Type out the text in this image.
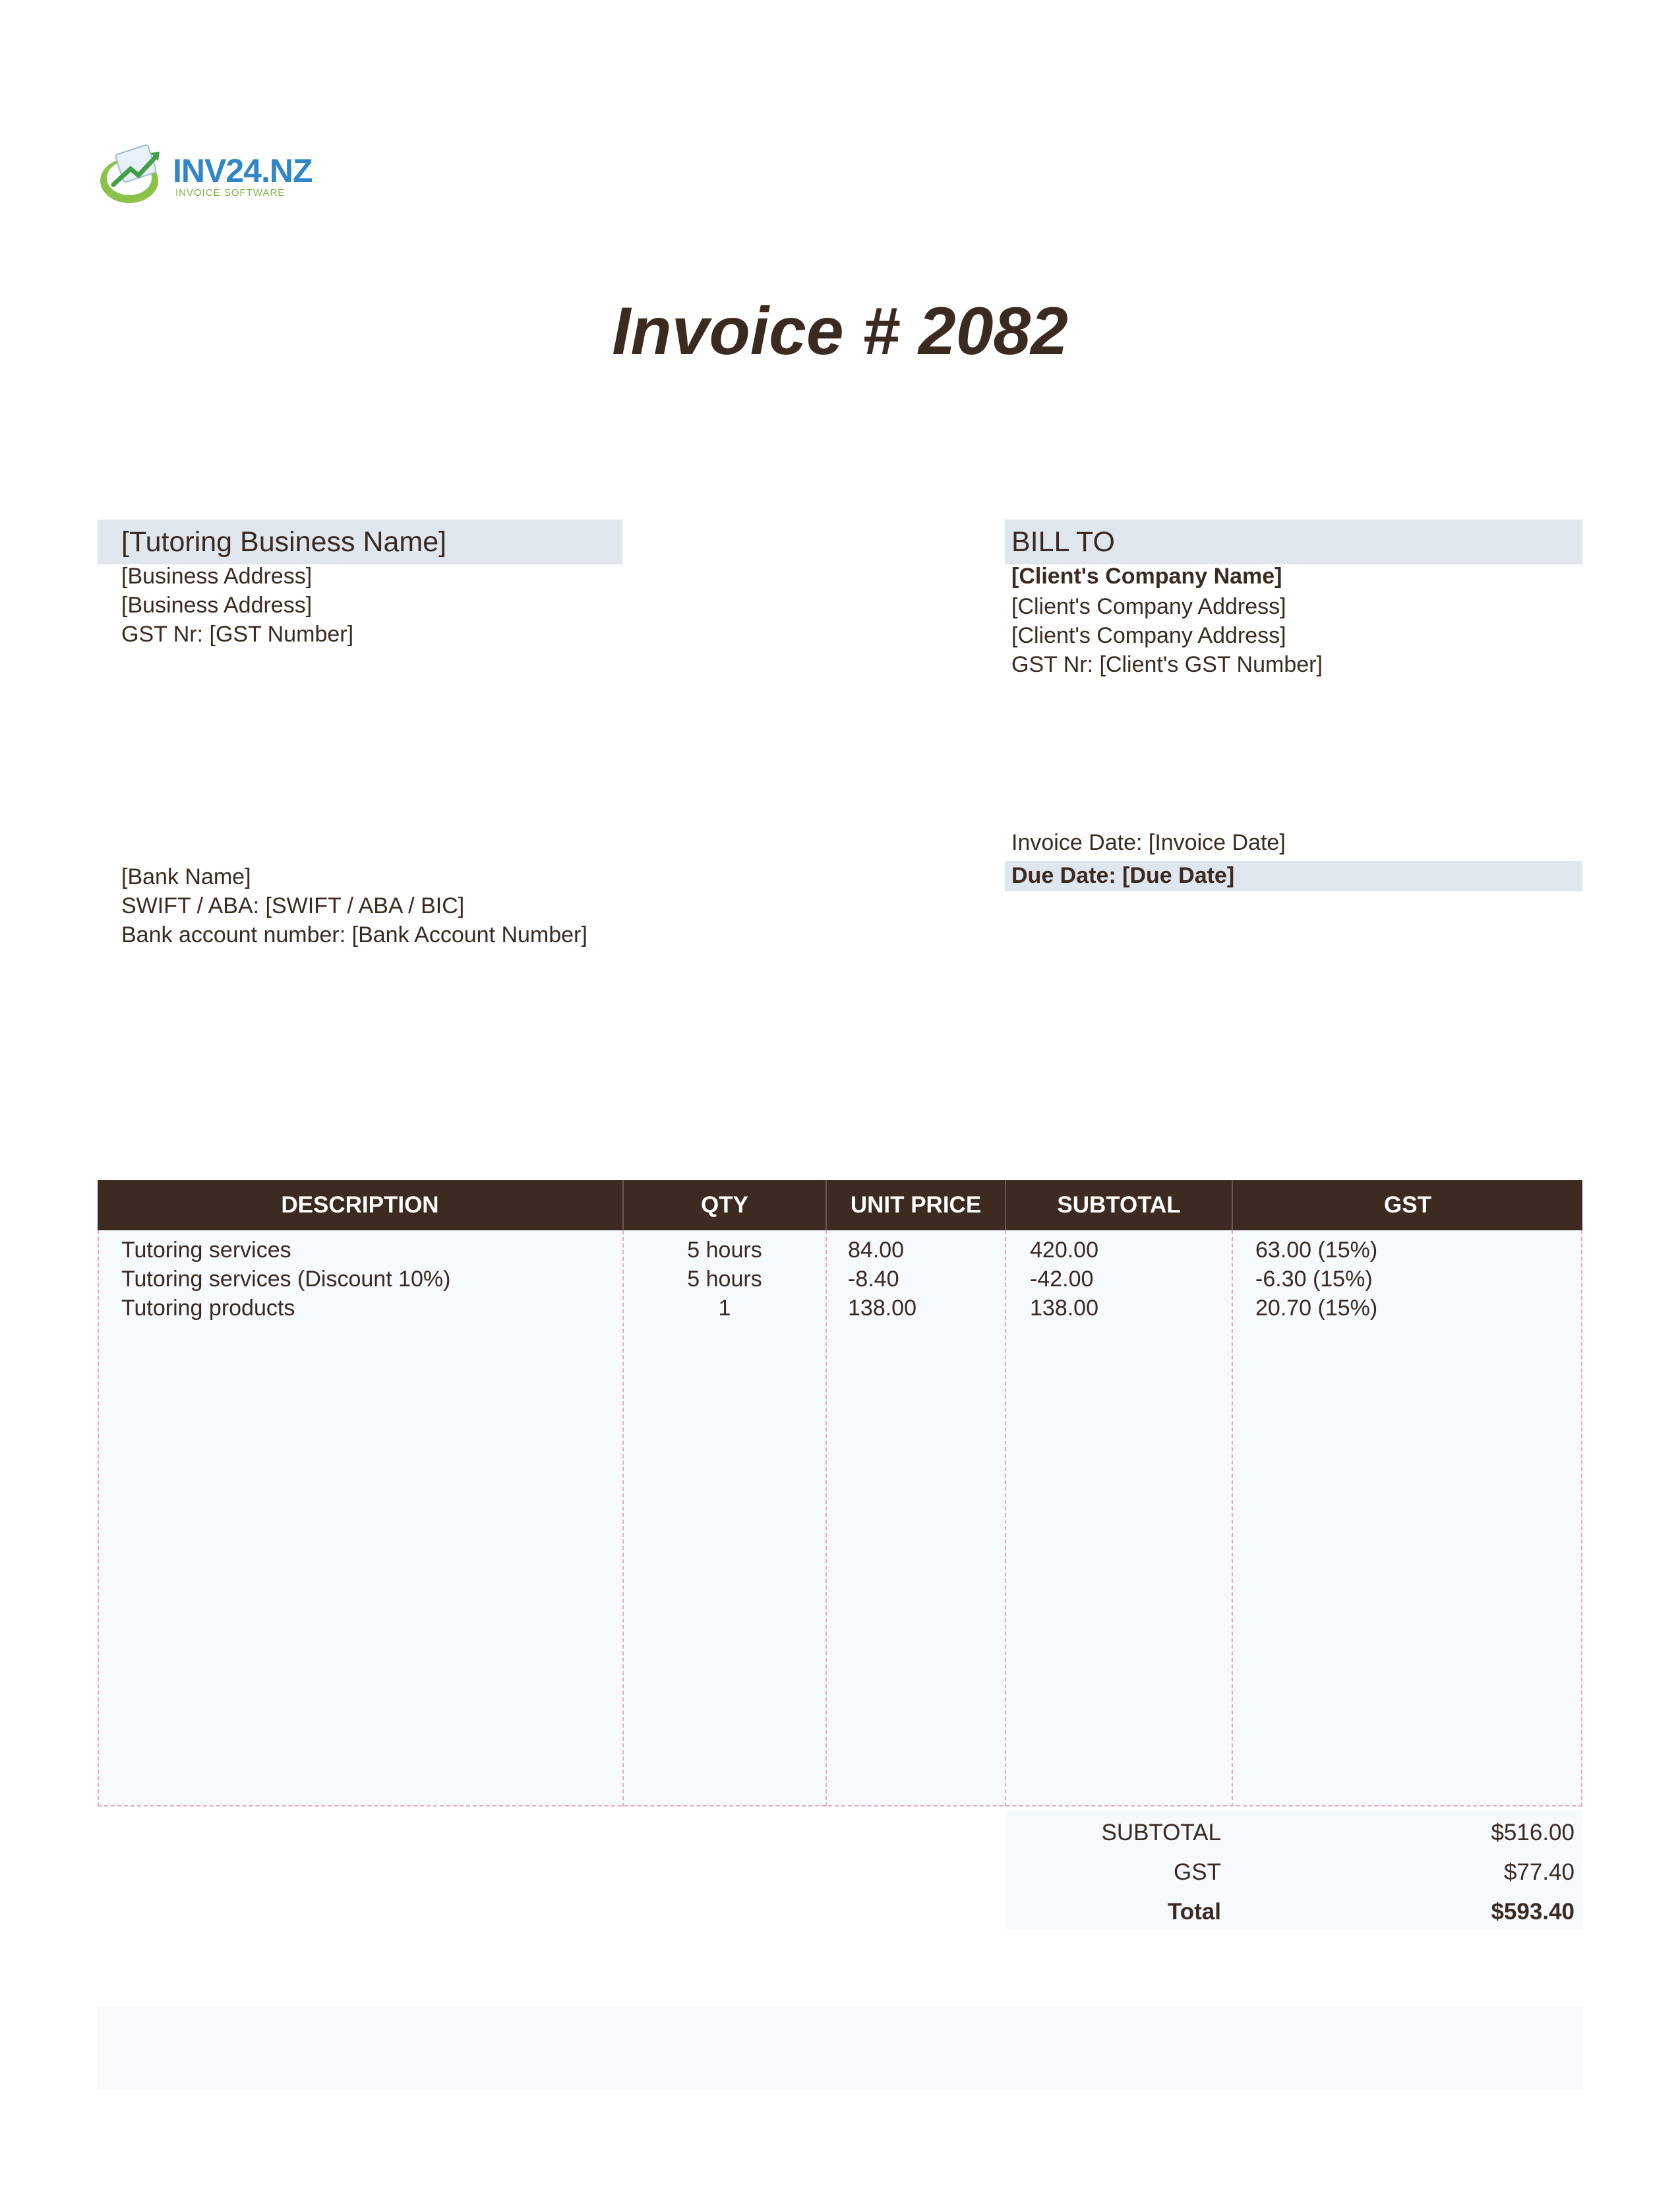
INV24.NZ
INVOICE SOFTWARE
Invoice # 2082
[Tutoring Business Name]
[Business Address]
[Business Address]
GST Nr: [GST Number]
BILL TO
[Client's Company Name]
[Client's Company Address]
[Client's Company Address]
GST Nr: [Client's GST Number]
Invoice Date: [Invoice Date]
Due Date: [Due Date]
[Bank Name]
SWIFT / ABA: [SWIFT / ABA / BIC]
Bank account number: [Bank Account Number]
DESCRIPTION	QTY	UNIT PRICE	SUBTOTAL	GST
Tutoring services	5 hours	84.00	420.00	63.00 (15%)
Tutoring services (Discount 10%)	5 hours	-8.40	-42.00	-6.30 (15%)
Tutoring products	1	138.00	138.00	20.70 (15%)
SUBTOTAL	$516.00
GST	$77.40
Total	$593.40
